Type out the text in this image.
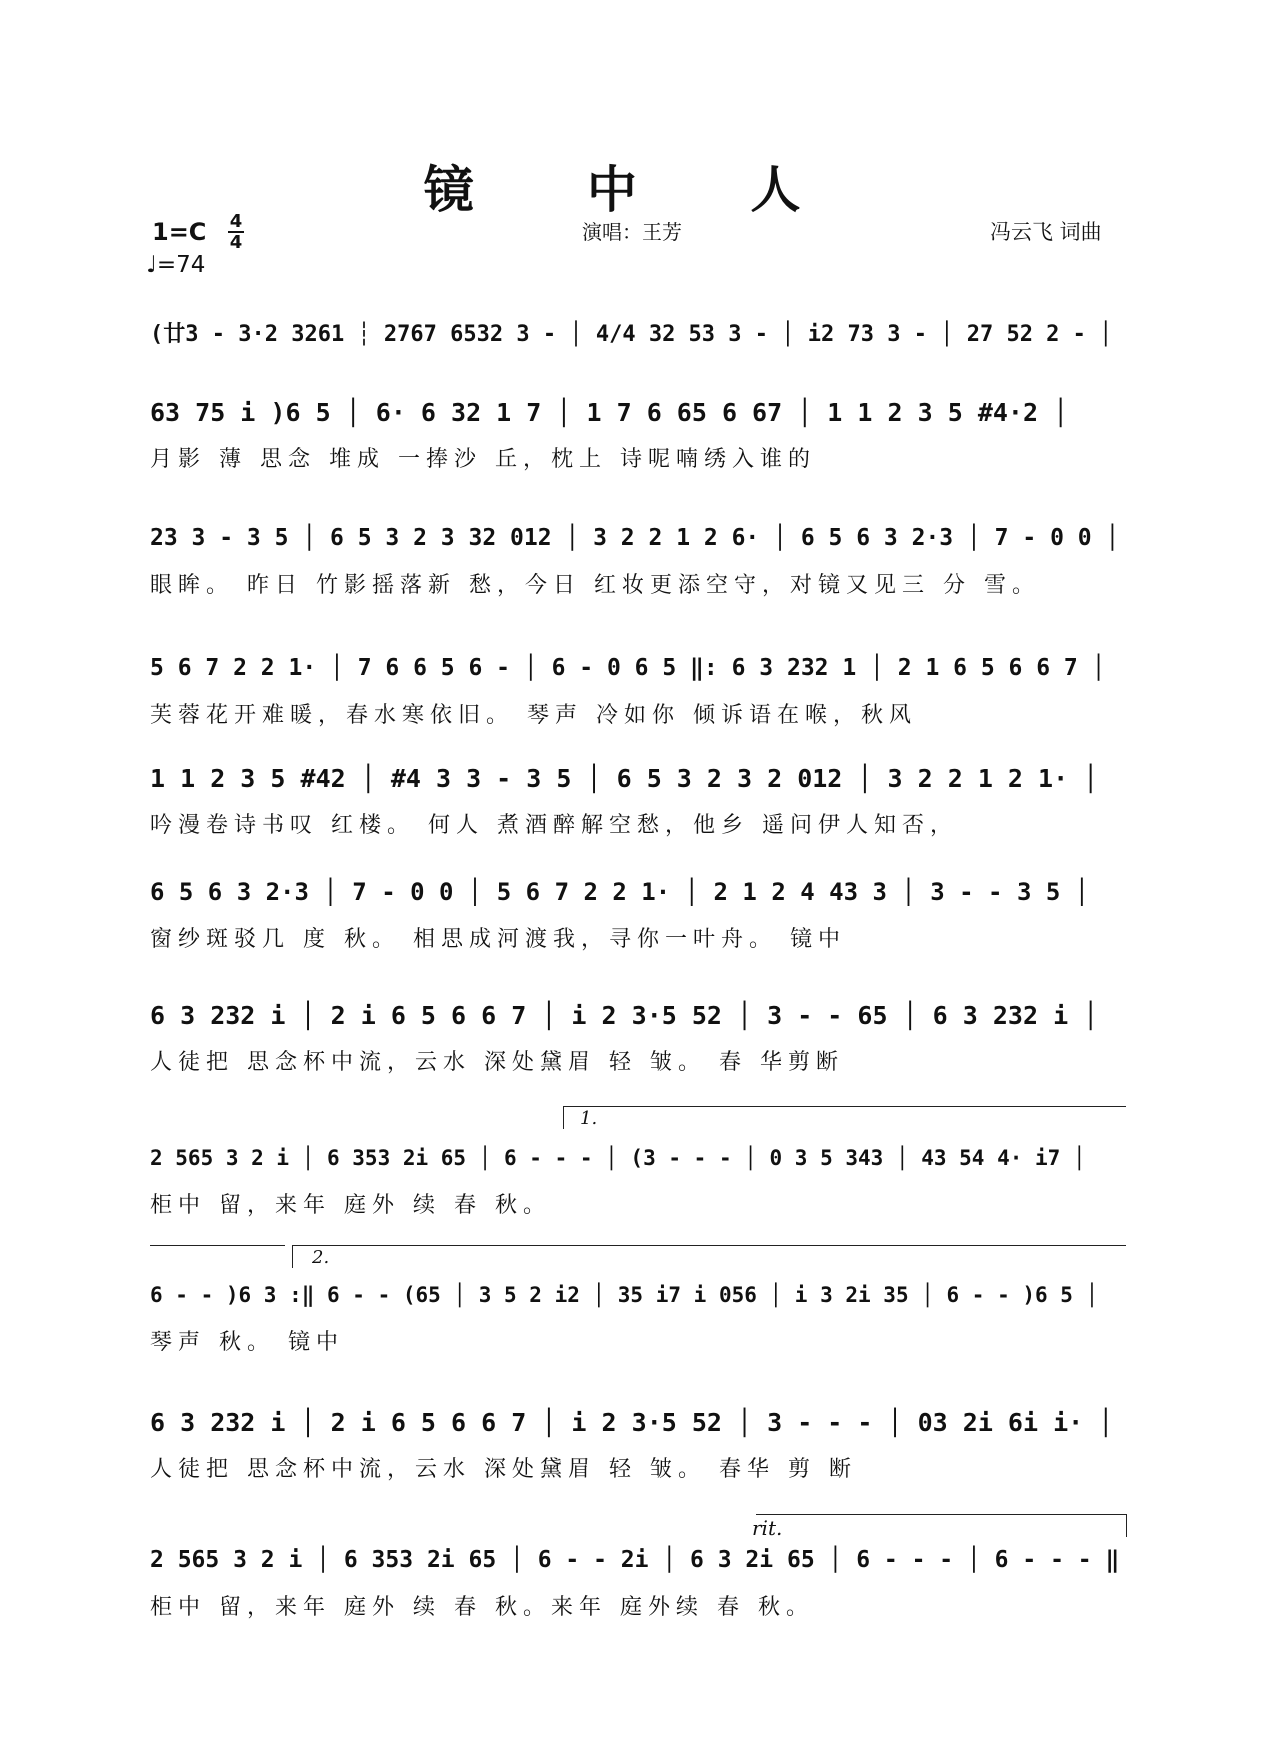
镜 中 人
1=C 4
4
♩=74
演唱：王芳	冯云飞 词曲
(廿3 - 3·2 3261 ┆ 2767 6532 3 - │ 4/4 32 53 3 - │ i2 73 3 - │ 27 52 2 - │
63 75 i )6 5 │ 6· 6 32 1 7 │ 1 7 6 65 6 67 │ 1 1 2 3 5 #4·2 │
月影 薄 思念 堆成 一捧沙 丘，枕上 诗呢喃绣入谁的
23 3 - 3 5 │ 6 5 3 2 3 32 012 │ 3 2 2 1 2 6· │ 6 5 6 3 2·3 │ 7 - 0 0 │
眼眸。 昨日 竹影摇落新 愁，今日 红妆更添空守，对镜又见三 分 雪。
5 6 7 2 2 1· │ 7 6 6 5 6 - │ 6 - 0 6 5 ‖: 6 3 232 1 │ 2 1 6 5 6 6 7 │
芙蓉花开难暖，春水寒依旧。 琴声 冷如你 倾诉语在喉，秋风
1 1 2 3 5 #42 │ #4 3 3 - 3 5 │ 6 5 3 2 3 2 012 │ 3 2 2 1 2 1· │
吟漫卷诗书叹 红楼。 何人 煮酒醉解空愁，他乡 遥问伊人知否，
6 5 6 3 2·3 │ 7 - 0 0 │ 5 6 7 2 2 1· │ 2 1 2 4 43 3 │ 3 - - 3 5 │
窗纱斑驳几 度 秋。 相思成河渡我，寻你一叶舟。 镜中
6 3 232 i │ 2 i 6 5 6 6 7 │ i 2 3·5 52 │ 3 - - 65 │ 6 3 232 i │
人徒把 思念杯中流，云水 深处黛眉 轻 皱。 春 华剪断
1.
2 565 3 2 i │ 6 353 2i 65 │ 6 - - - │ (3 - - - │ 0 3 5 343 │ 43 54 4· i7 │
柜中 留，来年 庭外 续 春 秋。
2.
6 - - )6 3 :‖ 6 - - (65 │ 3 5 2 i2 │ 35 i7 i 056 │ i 3 2i 35 │ 6 - - )6 5 │
琴声 秋。 镜中
6 3 232 i │ 2 i 6 5 6 6 7 │ i 2 3·5 52 │ 3 - - - │ 03 2i 6i i· │
人徒把 思念杯中流，云水 深处黛眉 轻 皱。 春华 剪 断
rit.
2 565 3 2 i │ 6 353 2i 65 │ 6 - - 2i │ 6 3 2i 65 │ 6 - - - │ 6 - - - ‖
柜中 留，来年 庭外 续 春 秋。来年 庭外续 春 秋。
